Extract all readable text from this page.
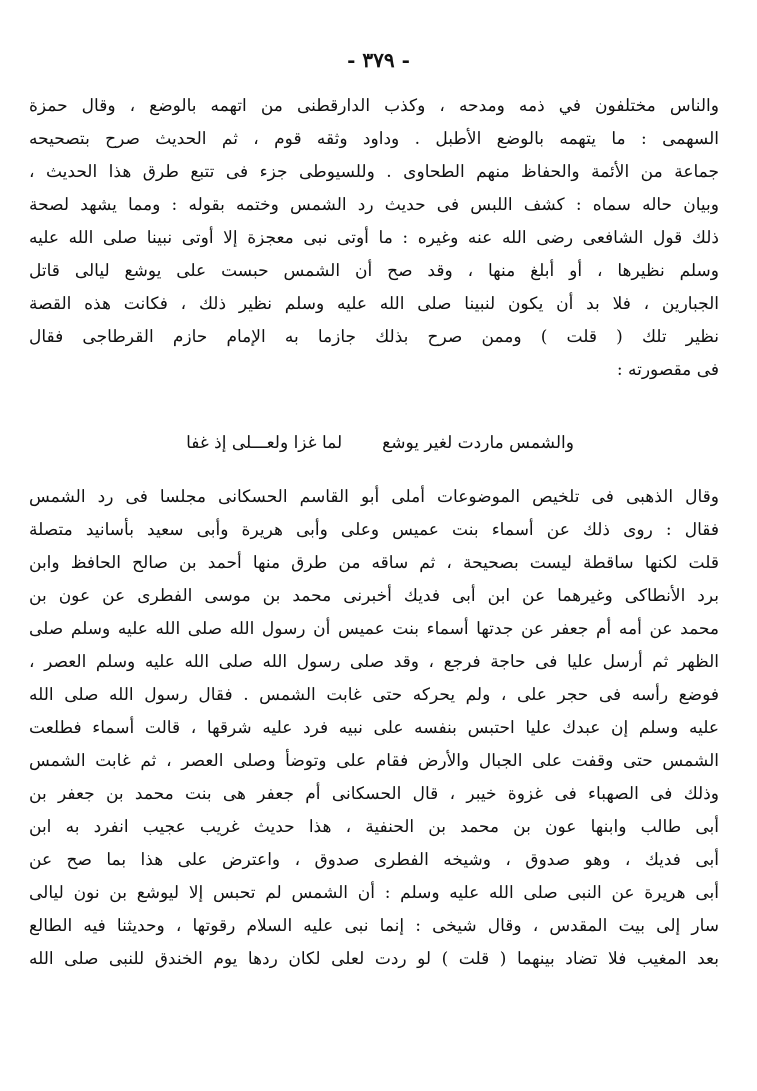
- ٣٧٩ -
والناس مختلفون في ذمه ومدحه ، وكذب الدارقطنى من اتهمه بالوضع ، وقال حمزة
السهمى : ما يتهمه بالوضع الأطبل . وداود وثقه قوم ، ثم الحديث صرح بتصحيحه
جماعة من الأئمة والحفاظ منهم الطحاوى . وللسيوطى جزء فى تتبع طرق هذا الحديث ،
وبيان حاله سماه : كشف اللبس فى حديث رد الشمس وختمه بقوله : ومما يشهد لصحة
ذلك قول الشافعى رضى الله عنه وغيره : ما أوتى نبى معجزة إلا أوتى نبينا صلى الله عليه
وسلم نظيرها ، أو أبلغ منها ، وقد صح أن الشمس حبست على يوشع ليالى قاتل
الجبارين ، فلا بد أن يكون لنبينا صلى الله عليه وسلم نظير ذلك ، فكانت هذه القصة
نظير تلك ( قلت ) وممن صرح بذلك جازما به الإمام حازم القرطاجى فقال
فى مقصورته :
والشمس ماردت لغير يوشع
لما غزا ولعـــلى إذ غفا
وقال الذهبى فى تلخيص الموضوعات أملى أبو القاسم الحسكانى مجلسا فى رد الشمس
فقال : روى ذلك عن أسماء بنت عميس وعلى وأبى هريرة وأبى سعيد بأسانيد متصلة
قلت لكنها ساقطة ليست بصحيحة ، ثم ساقه من طرق منها أحمد بن صالح الحافظ وابن
برد الأنطاكى وغيرهما عن ابن أبى فديك أخبرنى محمد بن موسى الفطرى عن عون بن
محمد عن أمه أم جعفر عن جدتها أسماء بنت عميس أن رسول الله صلى الله عليه وسلم صلى
الظهر ثم أرسل عليا فى حاجة فرجع ، وقد صلى رسول الله صلى الله عليه وسلم العصر ،
فوضع رأسه فى حجر على ، ولم يحركه حتى غابت الشمس . فقال رسول الله صلى الله
عليه وسلم إن عبدك عليا احتبس بنفسه على نبيه فرد عليه شرقها ، قالت أسماء فطلعت
الشمس حتى وقفت على الجبال والأرض فقام على وتوضأ وصلى العصر ، ثم غابت الشمس
وذلك فى الصهباء فى غزوة خيبر ، قال الحسكانى أم جعفر هى بنت محمد بن جعفر بن
أبى طالب وابنها عون بن محمد بن الحنفية ، هذا حديث غريب عجيب انفرد به ابن
أبى فديك ، وهو صدوق ، وشيخه الفطرى صدوق ، واعترض على هذا بما صح عن
أبى هريرة عن النبى صلى الله عليه وسلم : أن الشمس لم تحبس إلا ليوشع بن نون ليالى
سار إلى بيت المقدس ، وقال شيخى : إنما نبى عليه السلام رقوتها ، وحديثنا فيه الطالع
بعد المغيب فلا تضاد بينهما ( قلت ) لو ردت لعلى لكان ردها يوم الخندق للنبى صلى الله
